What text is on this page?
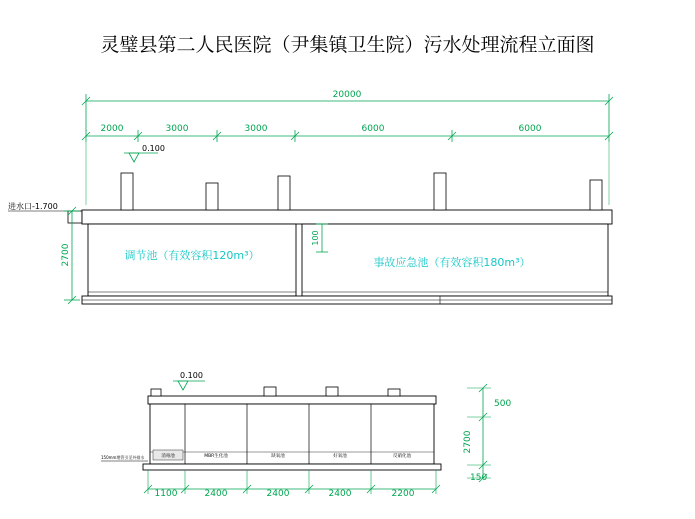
灵璧县第二人民医院（尹集镇卫生院）污水处理流程立面图
20000
2000	3000	3000	6000	6000
0.100
进水口-1.700
2700
100
调节池（有效容积120m³）
事故应急池（有效容积180m³）
0.100
消毒池	MBR生化池	缺氧池	好氧池	反硝化池
150mm埋管引至外排水
1100	2400	2400	2400	2200
500
2700
150
